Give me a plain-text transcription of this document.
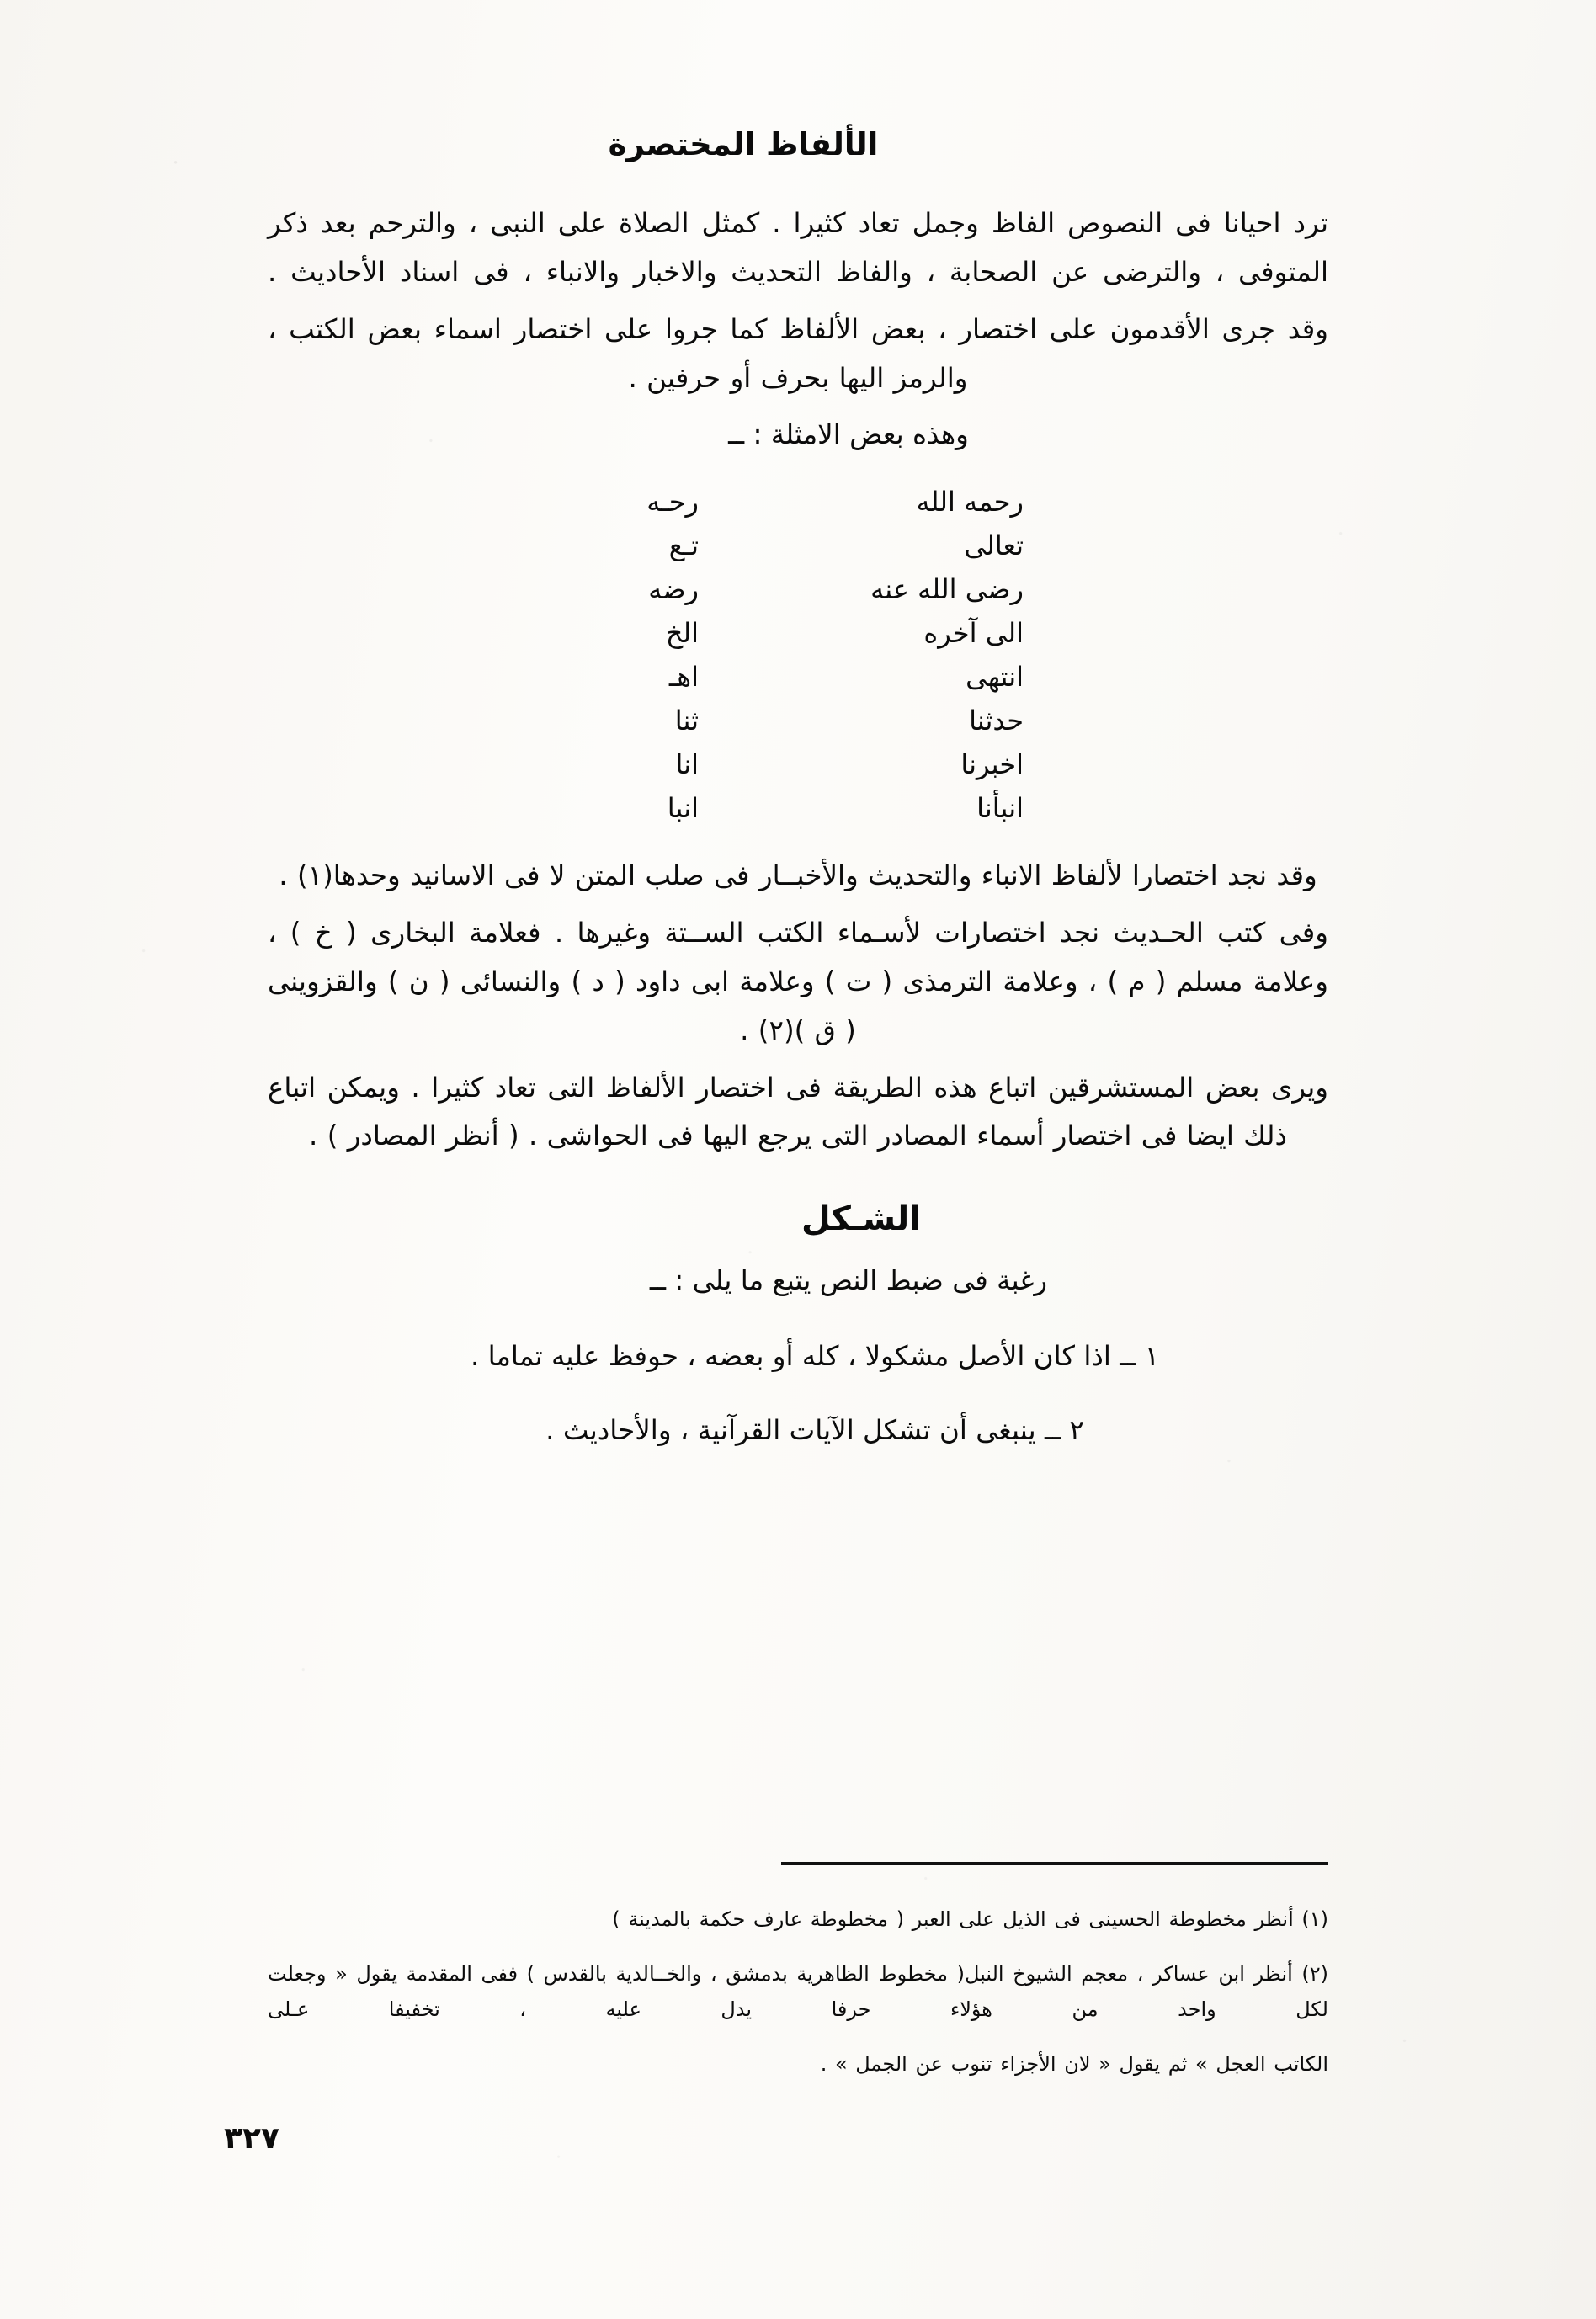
الألفاظ المختصرة

ترد احيانا فى النصوص الفاظ وجمل تعاد كثيرا . كمثل الصلاة على النبى ، والترحم بعد ذكر المتوفى ، والترضى عن الصحابة ، والفاظ التحديث والاخبار والانباء ، فى اسناد الأحاديث .

وقد جرى الأقدمون على اختصار ، بعض الألفاظ كما جروا على اختصار اسماء بعض الكتب ، والرمز اليها بحرف أو حرفين .

وهذه بعض الامثلة : ــ

رحمه الله	رحـه
تعالى	تـع
رضى الله عنه	رضه
الى آخره	الخ
انتهى	اهـ
حدثنا	ثنا
اخبرنا	انا
انبأنا	انبا

وقد نجد اختصارا لألفاظ الانباء والتحديث والأخبــار فى صلب المتن لا فى الاسانيد وحدها(١) .

وفى كتب الحـديث نجد اختصارات لأسـماء الكتب الســتة وغيرها . فعلامة البخارى ( خ ) ، وعلامة مسلم ( م ) ، وعلامة الترمذى ( ت ) وعلامة ابى داود ( د ) والنسائى ( ن ) والقزوينى ( ق )(٢) .

ويرى بعض المستشرقين اتباع هذه الطريقة فى اختصار الألفاظ التى تعاد كثيرا . ويمكن اتباع ذلك ايضا فى اختصار أسماء المصادر التى يرجع اليها فى الحواشى . ( أنظر المصادر ) .

الشـكل

رغبة فى ضبط النص يتبع ما يلى : ــ

١ ــ اذا كان الأصل مشكولا ، كله أو بعضه ، حوفظ عليه تماما .

٢ ــ ينبغى أن تشكل الآيات القرآنية ، والأحاديث .

(١) أنظر مخطوطة الحسينى فى الذيل على العبر ( مخطوطة عارف حكمة بالمدينة )

(٢) أنظر ابن عساكر ، معجم الشيوخ النبل( مخطوط الظاهرية بدمشق ، والخــالدية بالقدس ) ففى المقدمة يقول « وجعلت لكل واحد من هؤلاء حرفا يدل عليه ، تخفيفا عـلى

الكاتب العجل » ثم يقول « لان الأجزاء تنوب عن الجمل » .

٣٢٧
